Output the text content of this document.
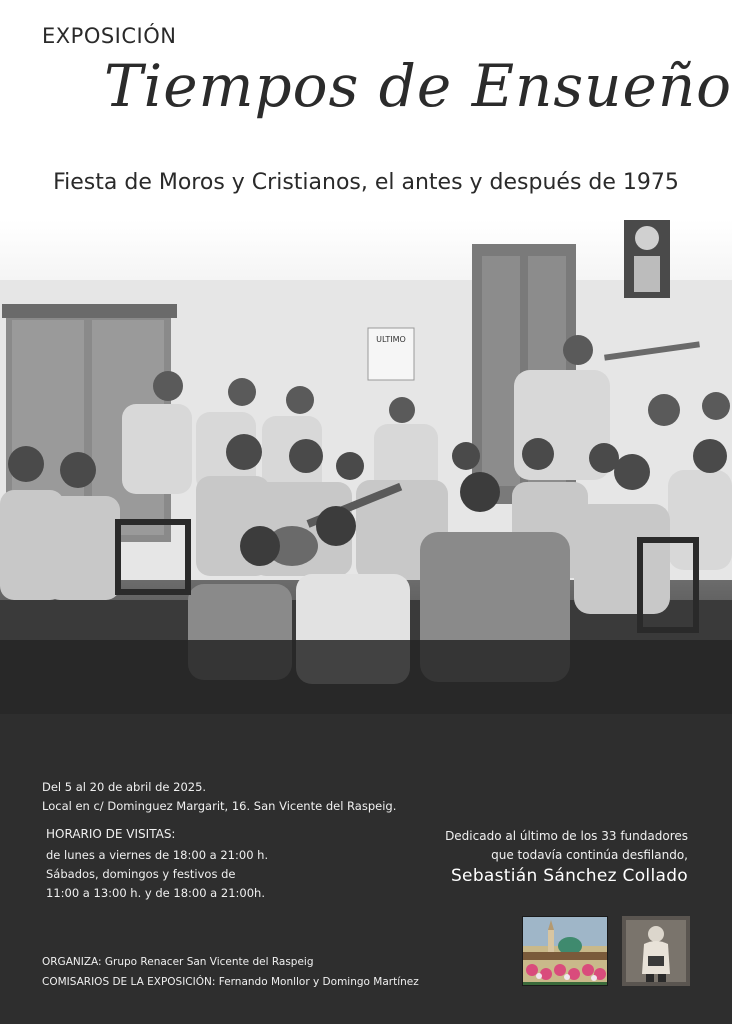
EXPOSICIÓN
Tiempos de Ensueño
Fiesta de Moros y Cristianos, el antes y después de 1975
ULTIMO
Del 5 al 20 de abril de 2025.
Local en c/ Dominguez Margarit, 16. San Vicente del Raspeig.
HORARIO DE VISITAS:
de lunes a viernes de 18:00 a 21:00 h.
Sábados, domingos y festivos de
11:00 a 13:00 h. y de 18:00 a 21:00h.
Dedicado al último de los 33 fundadores
que todavía continúa desfilando,
Sebastián Sánchez Collado
ORGANIZA: Grupo Renacer San Vicente del Raspeig
COMISARIOS DE LA EXPOSICIÓN: Fernando Monllor y Domingo Martínez
